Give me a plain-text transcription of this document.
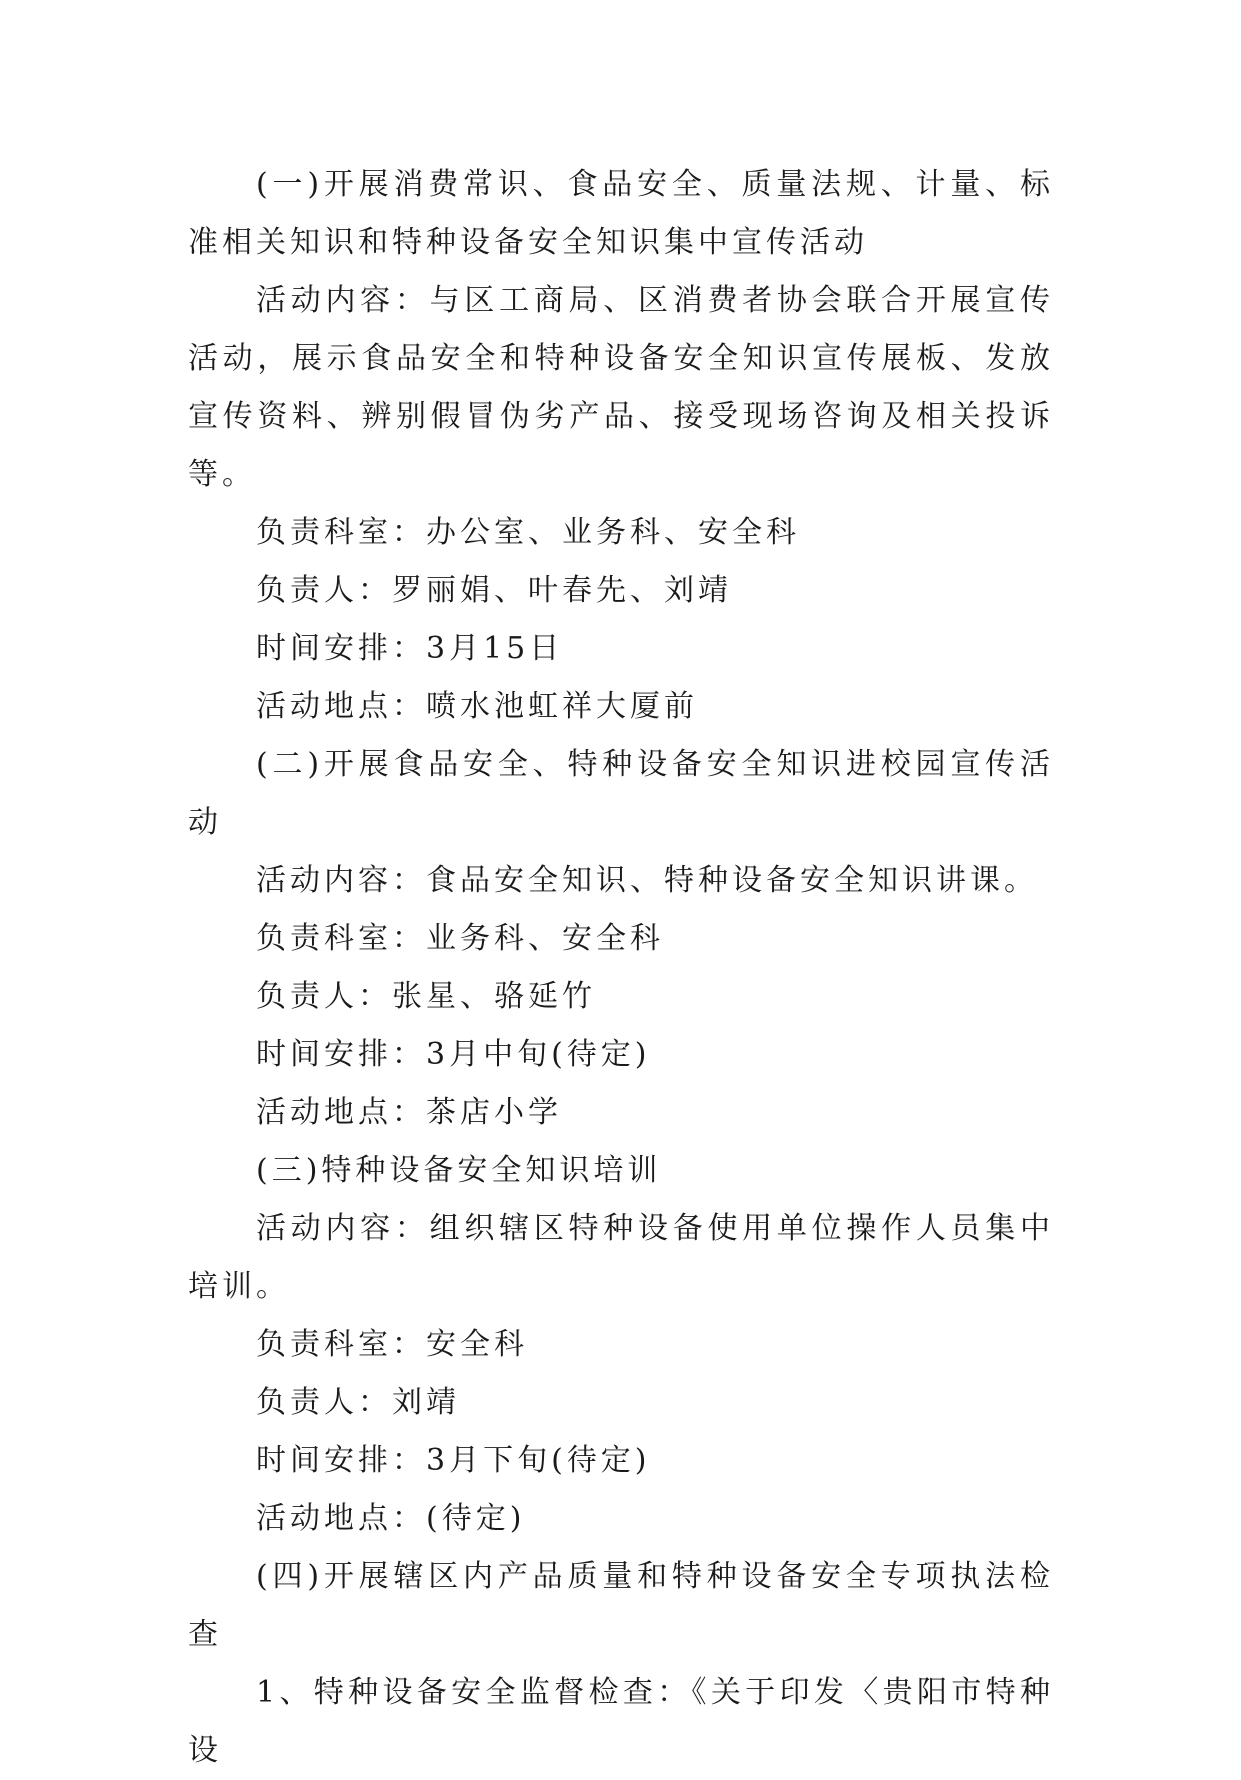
(一)开展消费常识、食品安全、质量法规、计量、标准相关知识和特种设备安全知识集中宣传活动

活动内容：与区工商局、区消费者协会联合开展宣传活动，展示食品安全和特种设备安全知识宣传展板、发放宣传资料、辨别假冒伪劣产品、接受现场咨询及相关投诉等。

负责科室：办公室、业务科、安全科

负责人：罗丽娟、叶春先、刘靖

时间安排：3月15日

活动地点：喷水池虹祥大厦前

(二)开展食品安全、特种设备安全知识进校园宣传活动

活动内容：食品安全知识、特种设备安全知识讲课。

负责科室：业务科、安全科

负责人：张星、骆延竹

时间安排：3月中旬(待定)

活动地点：茶店小学

(三)特种设备安全知识培训

活动内容：组织辖区特种设备使用单位操作人员集中培训。

负责科室：安全科

负责人：刘靖

时间安排：3月下旬(待定)

活动地点：(待定)

(四)开展辖区内产品质量和特种设备安全专项执法检查

1、特种设备安全监督检查：《关于印发〈贵阳市特种设
